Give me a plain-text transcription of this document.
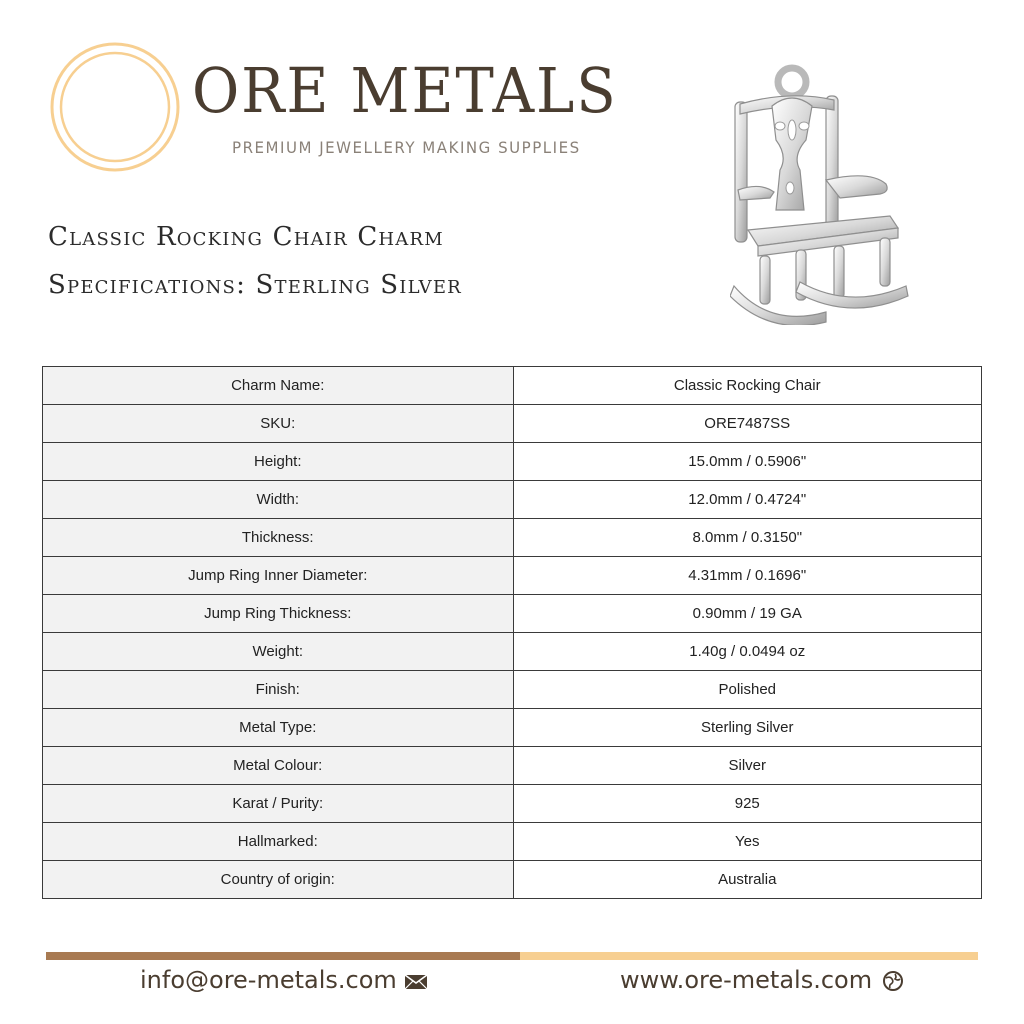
ORE METALS
PREMIUM JEWELLERY MAKING SUPPLIES
Classic Rocking Chair Charm
Specifications: Sterling Silver
Charm Name:	Classic Rocking Chair
SKU:	ORE7487SS
Height:	15.0mm / 0.5906"
Width:	12.0mm / 0.4724"
Thickness:	8.0mm / 0.3150"
Jump Ring Inner Diameter:	4.31mm / 0.1696"
Jump Ring Thickness:	0.90mm / 19 GA
Weight:	1.40g / 0.0494 oz
Finish:	Polished
Metal Type:	Sterling Silver
Metal Colour:	Silver
Karat / Purity:	925
Hallmarked:	Yes
Country of origin:	Australia
info@ore-metals.com	www.ore-metals.com
